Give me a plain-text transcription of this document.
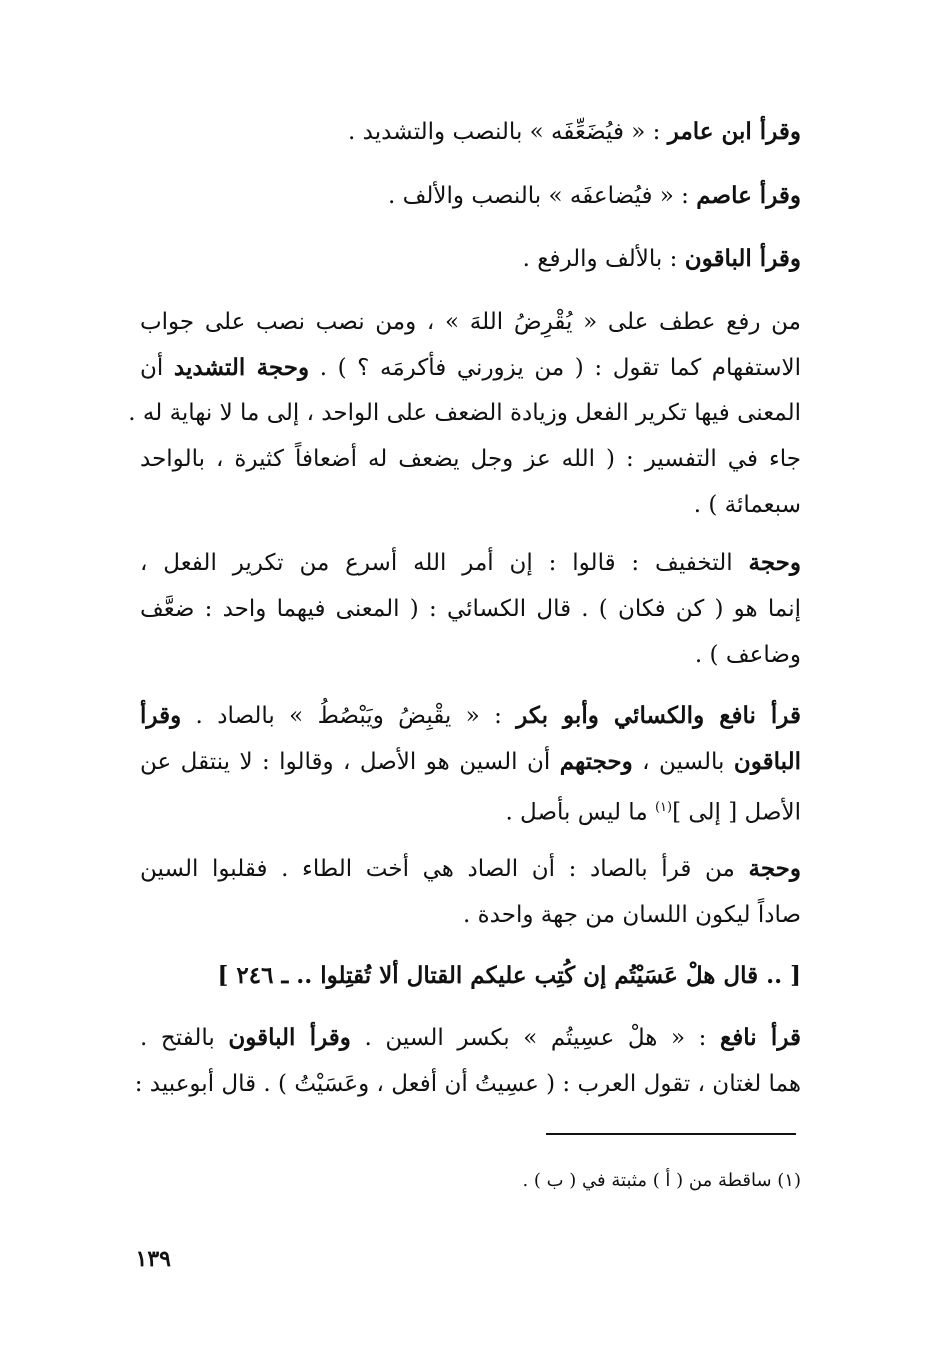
وقرأ ابن عامر : « فيُضَعِّفَه » بالنصب والتشديد .
وقرأ عاصم : « فيُضاعفَه » بالنصب والألف .
وقرأ الباقون : بالألف والرفع .
من رفع عطف على « يُقْرِضُ اللهَ » ، ومن نصب نصب على جواب
الاستفهام كما تقول : ( من يزورني فأكرمَه ؟ ) . وحجة التشديد أن
المعنى فيها تكرير الفعل وزيادة الضعف على الواحد ، إلى ما لا نهاية له .
جاء في التفسير : ( الله عز وجل يضعف له أضعافاً كثيرة ، بالواحد
سبعمائة ) .
وحجة التخفيف : قالوا : إن أمر الله أسرع من تكرير الفعل ،
إنما هو ( كن فكان ) . قال الكسائي : ( المعنى فيهما واحد : ضعَّف
وضاعف ) .
قرأ نافع والكسائي وأبو بكر : « يقْبِضُ ويَبْصُطُ » بالصاد . وقرأ
الباقون بالسين ، وحجتهم أن السين هو الأصل ، وقالوا : لا ينتقل عن
الأصل [ إلى ]$^{(١)}$ ما ليس بأصل .
وحجة من قرأ بالصاد : أن الصاد هي أخت الطاء . فقلبوا السين
صاداً ليكون اللسان من جهة واحدة .
[ .. قال هلْ عَسَيْتُم إن كُتِب عليكم القتال ألا تُقتِلوا .. ـ ٢٤٦ ]
قرأ نافع : « هلْ عسِيتُم » بكسر السين . وقرأ الباقون بالفتح .
هما لغتان ، تقول العرب : ( عسِيتُ أن أفعل ، وعَسَيْتُ ) . قال أبوعبيد :
(١) ساقطة من ( أ ) مثبتة في ( ب ) .
١٣٩
